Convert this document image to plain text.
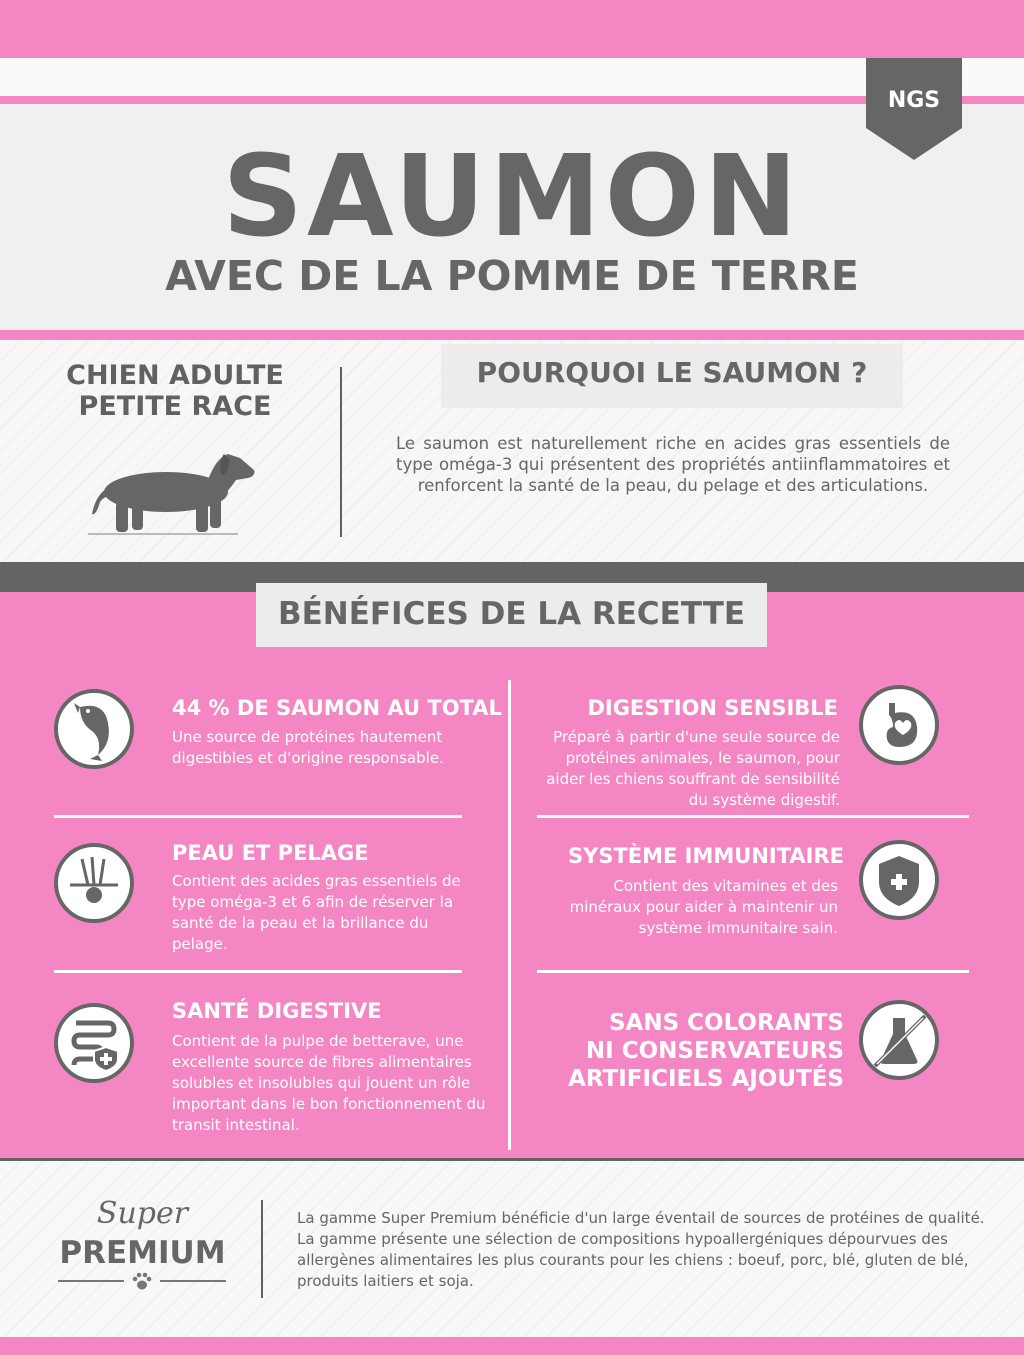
NGS
SAUMON
AVEC DE LA POMME DE TERRE
CHIEN ADULTE
PETITE RACE
POURQUOI LE SAUMON ?
Le saumon est naturellement riche en acides gras essentiels de type oméga-3 qui présentent des propriétés antiinflammatoires et renforcent la santé de la peau, du pelage et des articulations.
BÉNÉFICES DE LA RECETTE
44 % DE SAUMON AU TOTAL
Une source de protéines hautement digestibles et d'origine responsable.
DIGESTION SENSIBLE
Préparé à partir d'une seule source de protéines animales, le saumon, pour aider les chiens souffrant de sensibilité du système digestif.
PEAU ET PELAGE
Contient des acides gras essentiels de type oméga-3 et 6 afin de réserver la santé de la peau et la brillance du pelage.
SYSTÈME IMMUNITAIRE
Contient des vitamines et des minéraux pour aider à maintenir un système immunitaire sain.
SANTÉ DIGESTIVE
Contient de la pulpe de betterave, une excellente source de fibres alimentaires solubles et insolubles qui jouent un rôle important dans le bon fonctionnement du transit intestinal.
SANS COLORANTS
NI CONSERVATEURS
ARTIFICIELS AJOUTÉS
Super
PREMIUM
La gamme Super Premium bénéficie d'un large éventail de sources de protéines de qualité. La gamme présente une sélection de compositions hypoallergéniques dépourvues des allergènes alimentaires les plus courants pour les chiens : boeuf, porc, blé, gluten de blé, produits laitiers et soja.
